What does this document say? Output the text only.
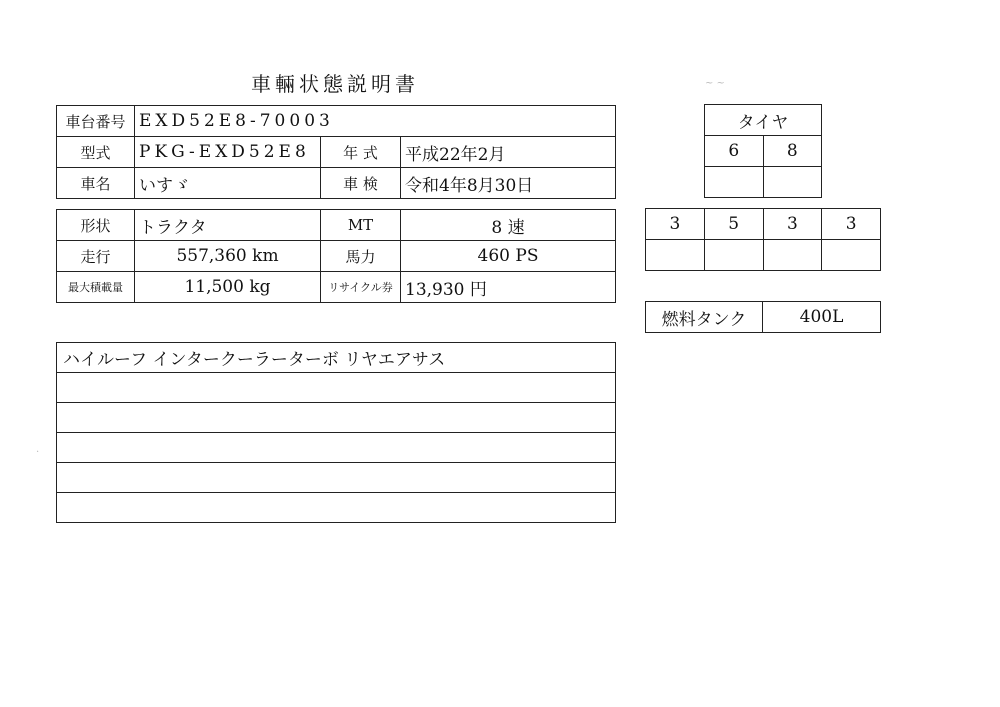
車輛状態説明書	~ ~
車台番号	EXD52E8-70003		
型式	PKG-EXD52E8	年 式	平成22年2月
車名	いすゞ	車 検	令和4年8月30日
形状	トラクタ	MT	8 速
走行	557,360 km	馬力	460 PS
最大積載量	11,500 kg	リサイクル券	13,930 円
ハイルーフ インタークーラーターボ リヤエアサス

タイヤ	
6	8

3	5	3	3

燃料タンク	400L
.
